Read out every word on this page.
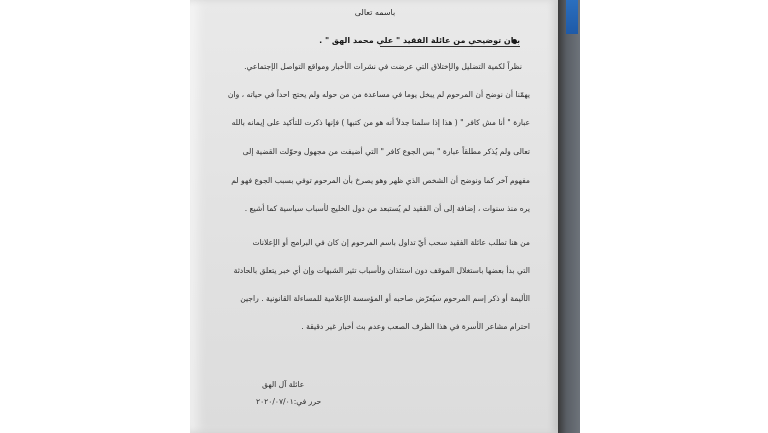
باسمه تعالى
بيان توضيحي من عائلة الفقيد " علي محمد الهق " .
نظراً لكمية التضليل والإختلاق التي عرضت في نشرات الأخبار ومواقع التواصل الإجتماعي.
يهمّنا أن نوضح أن المرحوم لم يبخل يوما في مساعدة من من حوله ولم يحتج احداً في حياته ، وان
عبارة " أنا مش كافر " ( هذا إذا سلمنا جدلاً أنه هو من كتبها ) فإنها ذكرت للتأكيد على إيمانه بالله
تعالى ولم يُذكر مطلقاً عبارة " بس الجوع كافر " التي أضيفت من مجهول وحوّلت القضية إلى
مفهوم آخر كما ونوضح أن الشخص الذي ظهر وهو يصرخ بأن المرحوم توفي بسبب الجوع فهو لم
يره منذ سنوات ، إضافة إلى أن الفقيد لم يُستبعد من دول الخليج لأسباب سياسية كما أشيع .
من هنا تطلب عائلة الفقيد سحب أيّ تداول باسم المرحوم إن كان في البرامج أو الإعلانات
التي بدأ بعضها باستغلال الموقف دون استئذان ولأسباب تثير الشبهات وإن أي خبر يتعلق بالحادثة
الأليمة أو ذكر إسم المرحوم سيُعرّض صاحبه أو المؤسسة الإعلامية للمساءلة القانونية . راجين
احترام مشاعر الأسرة في هذا الظرف الصعب وعدم بث أخبار غير دقيقة .
عائلة آل الهق
حرر في:٢٠٢٠/٠٧/٠١
